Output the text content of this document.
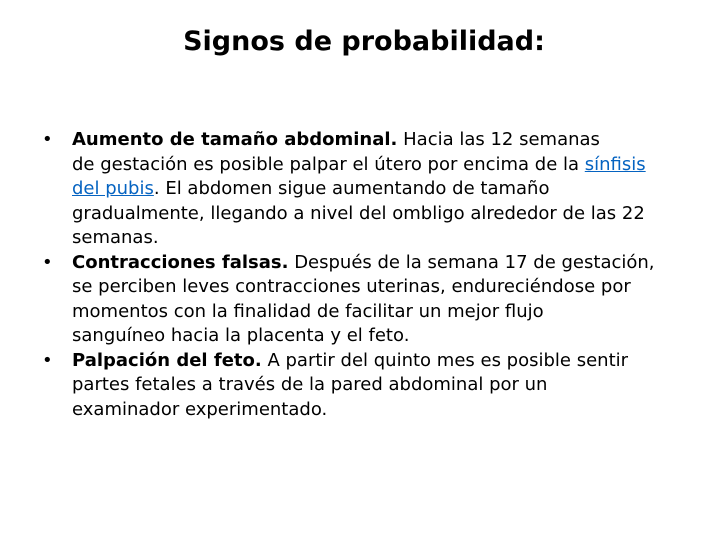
Signos de probabilidad:
• Aumento de tamaño abdominal. Hacia las 12 semanas
de gestación es posible palpar el útero por encima de la sínfisis
del pubis. El abdomen sigue aumentando de tamaño
gradualmente, llegando a nivel del ombligo alrededor de las 22
semanas.
• Contracciones falsas. Después de la semana 17 de gestación,
se perciben leves contracciones uterinas, endureciéndose por
momentos con la finalidad de facilitar un mejor flujo
sanguíneo hacia la placenta y el feto.
• Palpación del feto. A partir del quinto mes es posible sentir
partes fetales a través de la pared abdominal por un
examinador experimentado.
